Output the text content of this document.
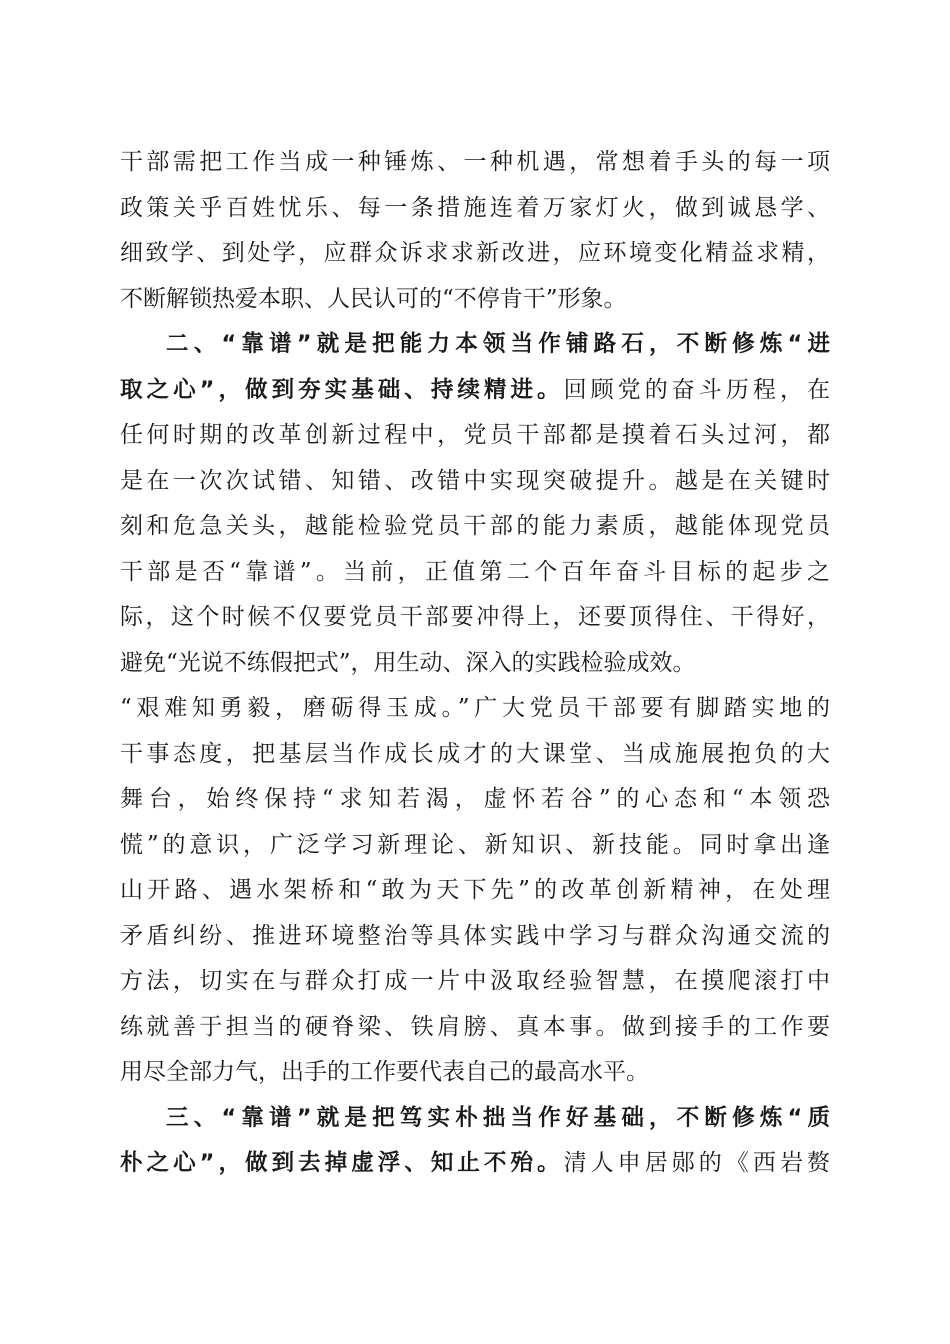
干部需把工作当成一种锤炼、一种机遇，常想着手头的每一项
政策关乎百姓忧乐、每一条措施连着万家灯火，做到诚恳学、
细致学、到处学，应群众诉求求新改进，应环境变化精益求精，
不断解锁热爱本职、人民认可的“不停肯干”形象。
二、“靠谱”就是把能力本领当作铺路石，不断修炼“进
取之心”，做到夯实基础、持续精进。回顾党的奋斗历程，在
任何时期的改革创新过程中，党员干部都是摸着石头过河，都
是在一次次试错、知错、改错中实现突破提升。越是在关键时
刻和危急关头，越能检验党员干部的能力素质，越能体现党员
干部是否“靠谱”。当前，正值第二个百年奋斗目标的起步之
际，这个时候不仅要党员干部要冲得上，还要顶得住、干得好，
避免“光说不练假把式”，用生动、深入的实践检验成效。
“艰难知勇毅，磨砺得玉成。”广大党员干部要有脚踏实地的
干事态度，把基层当作成长成才的大课堂、当成施展抱负的大
舞台，始终保持“求知若渴，虚怀若谷”的心态和“本领恐
慌”的意识，广泛学习新理论、新知识、新技能。同时拿出逢
山开路、遇水架桥和“敢为天下先”的改革创新精神，在处理
矛盾纠纷、推进环境整治等具体实践中学习与群众沟通交流的
方法，切实在与群众打成一片中汲取经验智慧，在摸爬滚打中
练就善于担当的硬脊梁、铁肩膀、真本事。做到接手的工作要
用尽全部力气，出手的工作要代表自己的最高水平。
三、“靠谱”就是把笃实朴拙当作好基础，不断修炼“质
朴之心”，做到去掉虚浮、知止不殆。清人申居郧的《西岩赘
